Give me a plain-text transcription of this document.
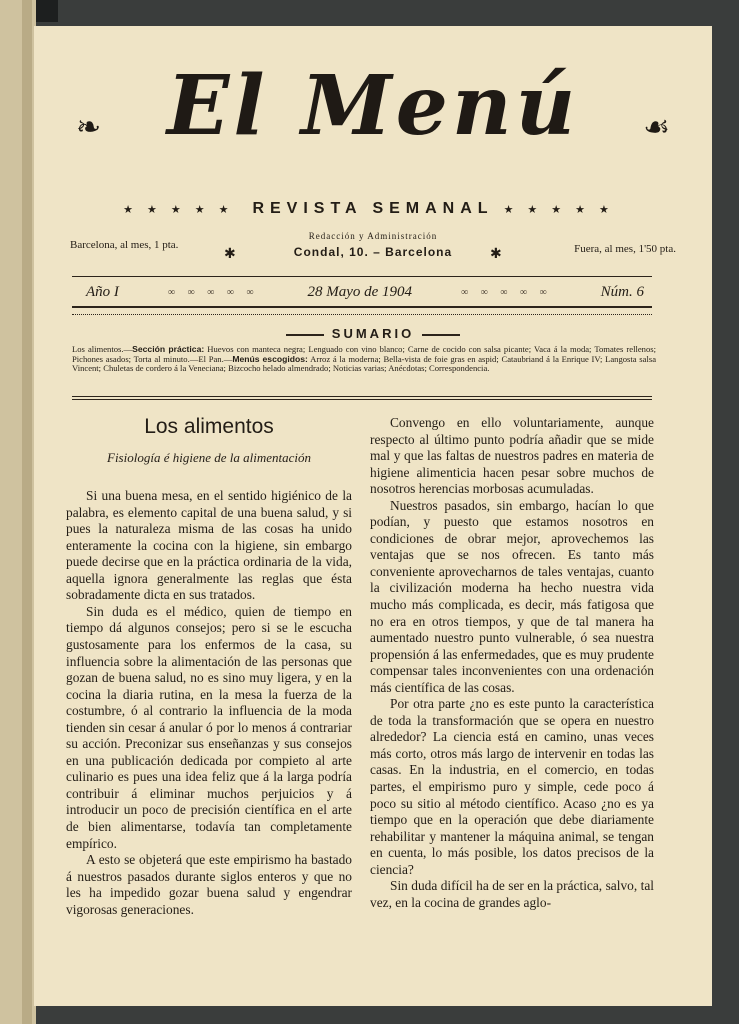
❧	☙
El Menú
★★★★★ REVISTA SEMANAL ★★★★★
Barcelona, al mes, 1 pta.
✱
Redacción y Administración
Condal, 10. – Barcelona	✱	Fuera, al mes, 1'50 pta.
Año I	∞ ∞ ∞ ∞ ∞	28 Mayo de 1904	∞ ∞ ∞ ∞ ∞	Núm. 6
SUMARIO
Los alimentos.—Sección práctica: Huevos con manteca negra; Lenguado con vino blanco; Carne de cocido con salsa picante; Vaca á la moda; Tomates rellenos; Pichones asados; Torta al minuto.—El Pan.—Menús escogidos: Arroz á la moderna; Bella-vista de foie gras en aspid; Cataubriand á la Enrique IV; Langosta salsa Vincent; Chuletas de cordero á la Veneciana; Bizcocho helado almendrado; Noticias varias; Anécdotas; Correspondencia.
Los alimentos
Fisiología é higiene de la alimentación

Si una buena mesa, en el sentido higiénico de la palabra, es elemento capital de una buena salud, y si pues la naturaleza misma de las cosas ha unido enteramente la cocina con la higiene, sin embargo puede decirse que en la práctica ordinaria de la vida, aquella ignora generalmente las reglas que ésta sobradamente dicta en sus tratados.

Sin duda es el médico, quien de tiempo en tiempo dá algunos consejos; pero si se le escucha gustosamente para los enfermos de la casa, su influencia sobre la alimentación de las personas que gozan de buena salud, no es sino muy ligera, y en la cocina la diaria rutina, en la mesa la fuerza de la costumbre, ó al contrario la influencia de la moda tienden sin cesar á anular ó por lo menos á contrariar su acción. Preconizar sus enseñanzas y sus consejos en una publicación dedicada por compieto al arte culinario es pues una idea feliz que á la larga podría contribuir á eliminar muchos perjuicios y á introducir un poco de precisión científica en el arte de bien alimentarse, todavía tan completamente empírico.

A esto se objeterá que este empirismo ha bastado á nuestros pasados durante siglos enteros y que no les ha impedido gozar buena salud y engendrar vigorosas generaciones.

Convengo en ello voluntariamente, aunque respecto al último punto podría añadir que se mide mal y que las faltas de nuestros padres en materia de higiene alimenticia hacen pesar sobre muchos de nosotros herencias morbosas acumuladas.

Nuestros pasados, sin embargo, hacían lo que podían, y puesto que estamos nosotros en condiciones de obrar mejor, aprovechemos las ventajas que se nos ofrecen. Es tanto más conveniente aprovecharnos de tales ventajas, cuanto la civilización moderna ha hecho nuestra vida mucho más complicada, es decir, más fatigosa que no era en otros tiempos, y que de tal manera ha aumentado nuestro punto vulnerable, ó sea nuestra propensión á las enfermedades, que es muy prudente compensar tales inconvenientes con una ordenación más científica de las cosas.

Por otra parte ¿no es este punto la característica de toda la transformación que se opera en nuestro alrededor? La ciencia está en camino, unas veces más corto, otros más largo de intervenir en todas las casas. En la industria, en el comercio, en todas partes, el empirismo puro y simple, cede poco á poco su sitio al método científico. Acaso ¿no es ya tiempo que en la operación que debe diariamente rehabilitar y mantener la máquina animal, se tengan en cuenta, lo más posible, los datos precisos de la ciencia?

Sin duda difícil ha de ser en la práctica, salvo, tal vez, en la cocina de grandes aglo-
